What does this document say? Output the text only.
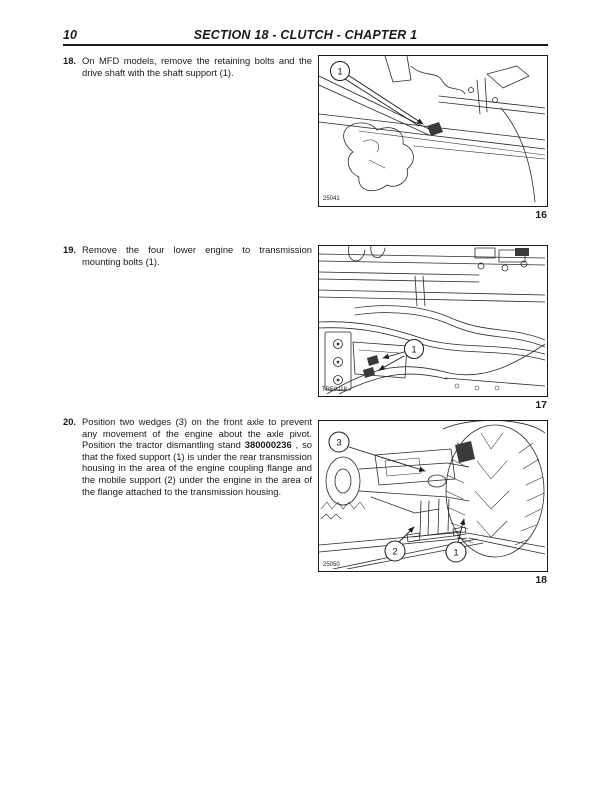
10	SECTION 18 - CLUTCH - CHAPTER 1
18. On MFD models, remove the retaining bolts and the drive shaft with the shaft support (1).
19. Remove the four lower engine to transmission mounting bolts (1).
20. Position two wedges (3) on the front axle to prevent any movement of the engine about the axle pivot. Position the tractor dismantling stand 380000236 , so that the fixed support (1) is under the rear transmission housing in the area of the engine coupling flange and the mobile support (2) under the engine in the area of the flange attached to the transmission housing.
1
25041
16
1
TRE0118
17
3
2	1
25050
18
